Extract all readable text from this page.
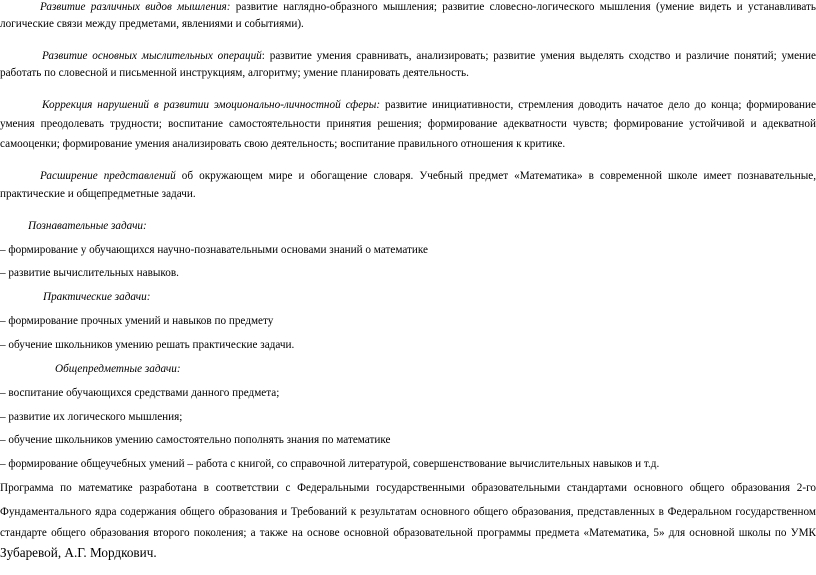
Развитие различных видов мышления: развитие наглядно-образного мышления; развитие словесно-логического мышления (умение видеть и устанавливать
логические связи между предметами, явлениями и событиями).
Развитие основных мыслительных операций: развитие умения сравнивать, анализировать; развитие умения выделять сходство и различие понятий; умение
работать по словесной и письменной инструкциям, алгоритму; умение планировать деятельность.
Коррекция нарушений в развитии эмоционально-личностной сферы: развитие инициативности, стремления доводить начатое дело до конца; формирование
умения преодолевать трудности; воспитание самостоятельности принятия решения; формирование адекватности чувств; формирование устойчивой и адекватной
самооценки; формирование умения анализировать свою деятельность; воспитание правильного отношения к критике.
Расширение представлений об окружающем мире и обогащение словаря. Учебный предмет «Математика» в современной школе имеет познавательные,
практические и общепредметные задачи.
Познавательные задачи:
– формирование у обучающихся научно-познавательными основами знаний о математике
– развитие вычислительных навыков.
Практические задачи:
– формирование прочных умений и навыков по предмету
– обучение школьников умению решать практические задачи.
Общепредметные задачи:
– воспитание обучающихся средствами данного предмета;
– развитие их логического мышления;
– обучение школьников умению самостоятельно пополнять знания по математике
– формирование общеучебных умений – работа с книгой, со справочной литературой, совершенствование вычислительных навыков и т.д.
Программа по математике разработана в соответствии с Федеральными государственными образовательными стандартами основного общего образования 2-го
Фундаментального ядра содержания общего образования и Требований к результатам основного общего образования, представленных в Федеральном государственном
стандарте общего образования второго поколения; а также на основе основной образовательной программы предмета «Математика, 5» для основной школы по УМК
Зубаревой, А.Г. Мордкович.
